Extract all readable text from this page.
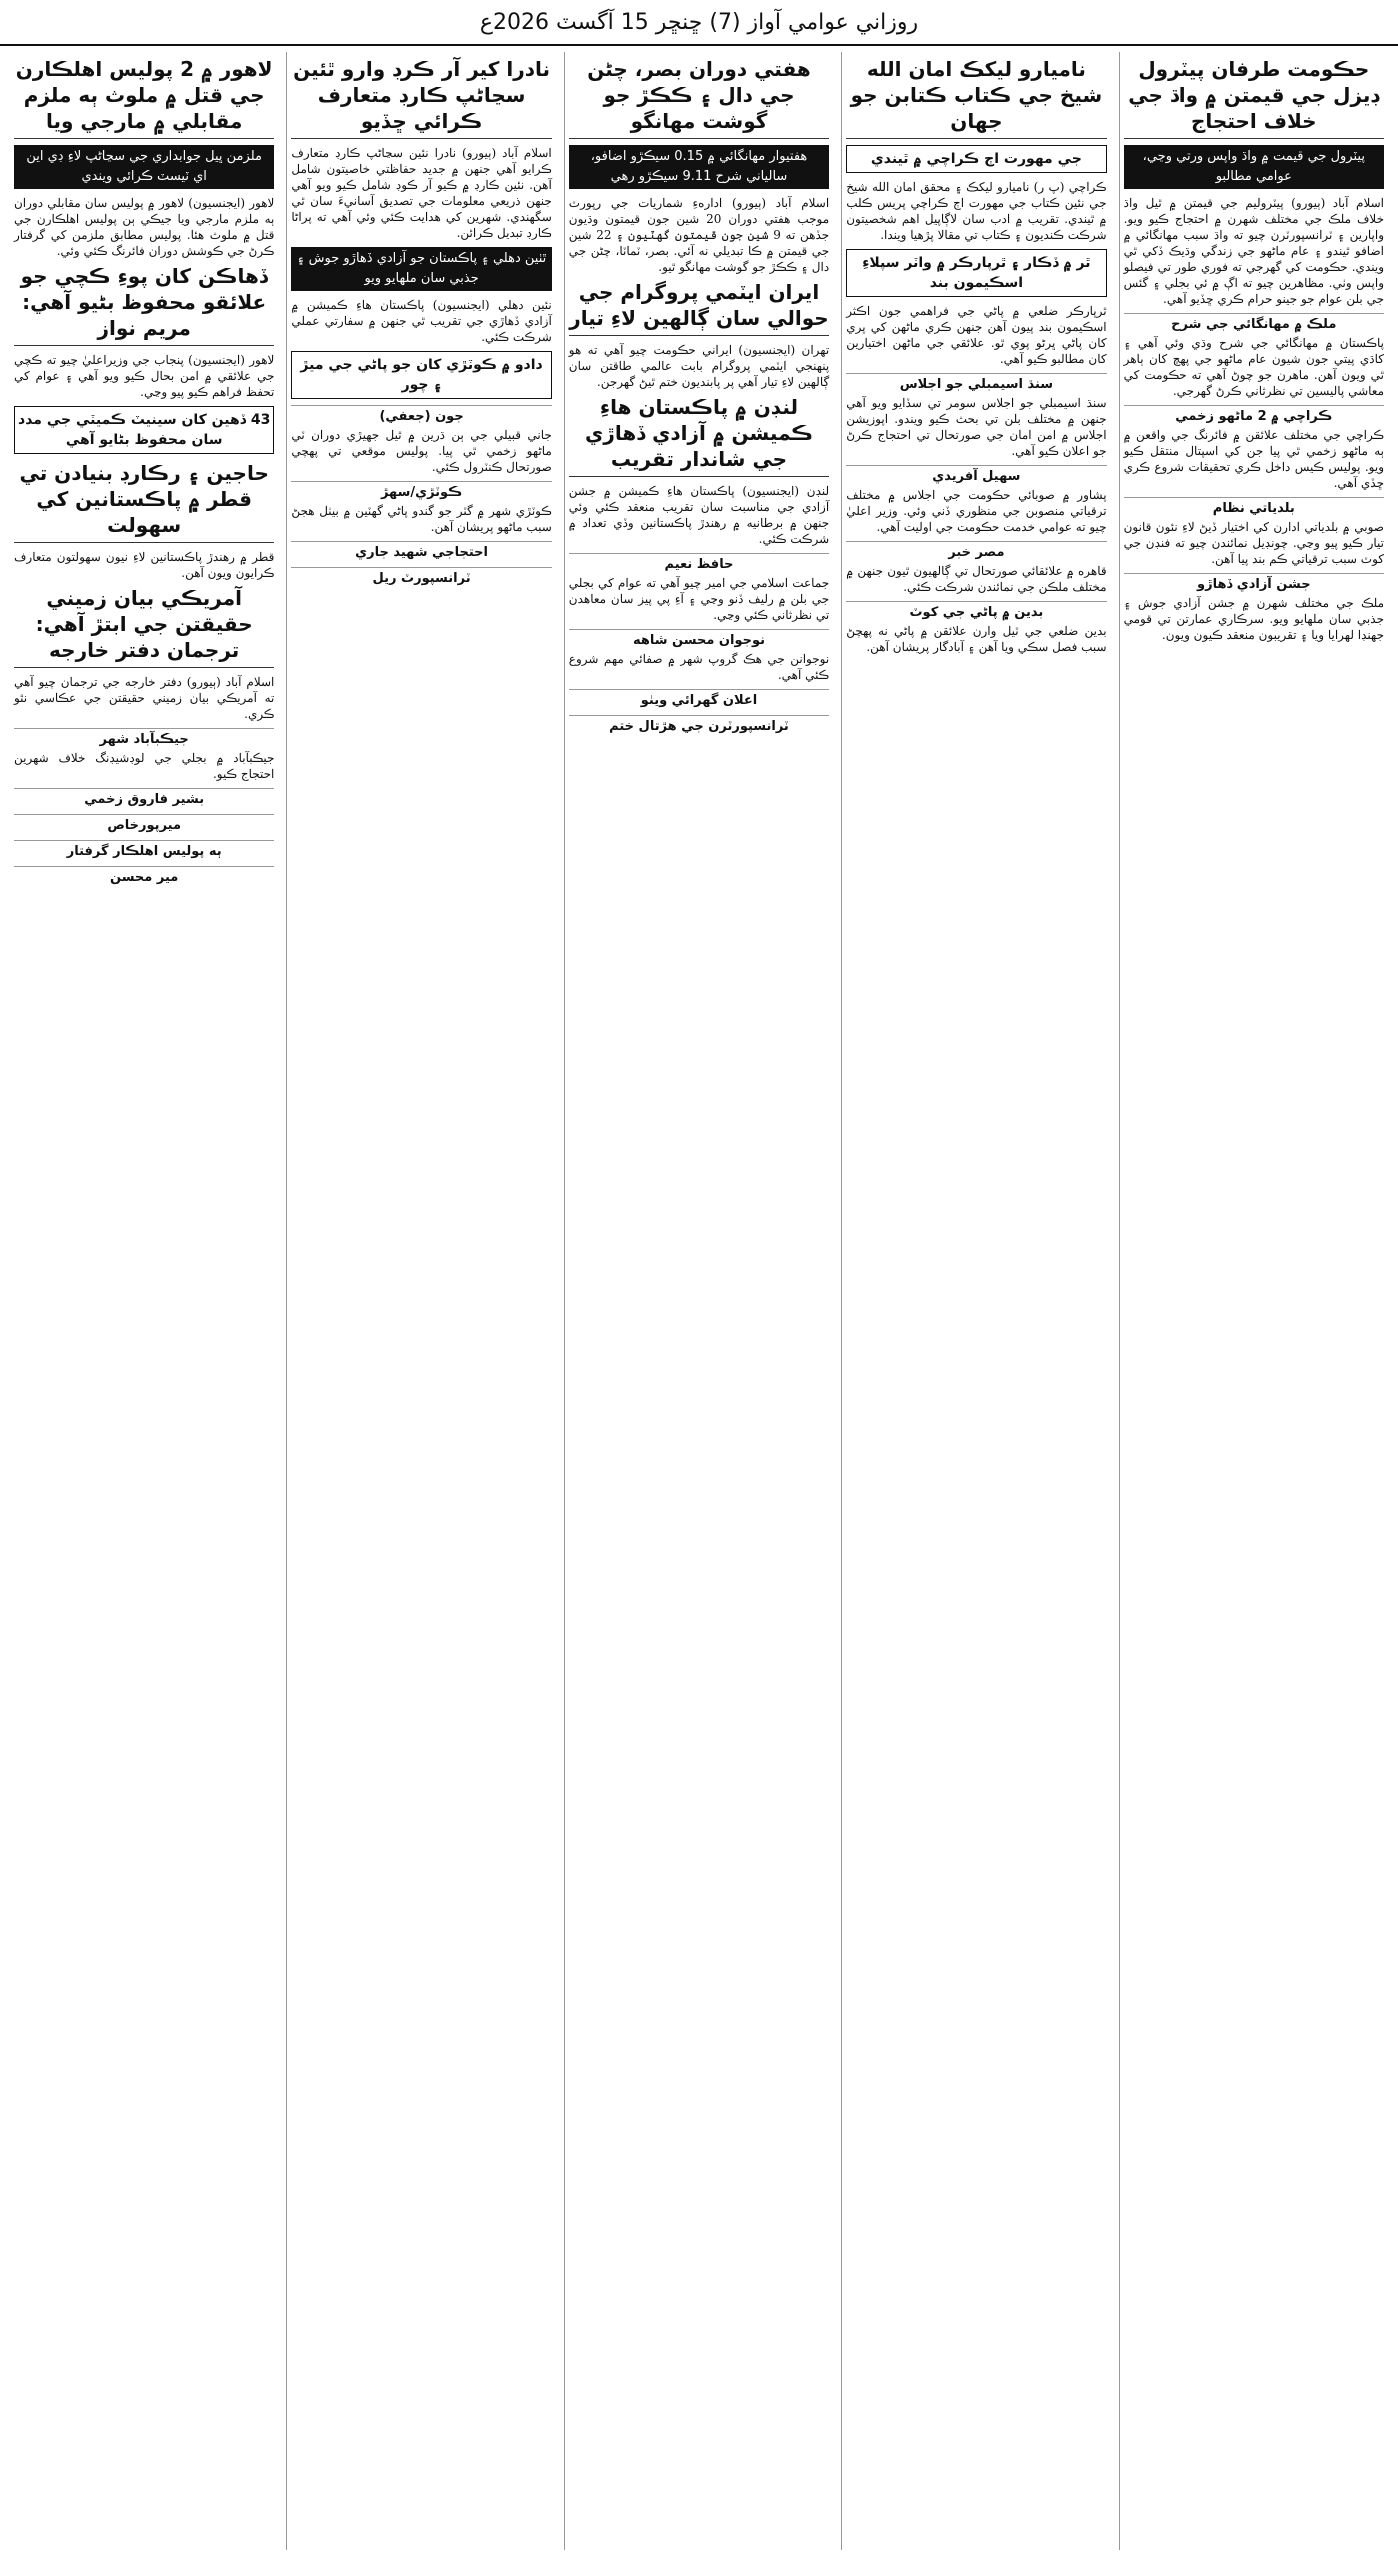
روزاني عوامي آواز (7) ڇنڇر 15 آگسٽ 2026ع
حڪومت طرفان پيٽرول ڊيزل جي قيمتن ۾ واڌ جي خلاف احتجاج
پيٽرول جي قيمت ۾ واڌ واپس ورتي وڃي، عوامي مطالبو

اسلام آباد (ٻيورو) پيٽروليم جي قيمتن ۾ ٿيل واڌ خلاف ملڪ جي مختلف شهرن ۾ احتجاج ڪيو ويو. واپارين ۽ ٽرانسپورٽرن چيو ته واڌ سبب مهانگائي ۾ اضافو ٿيندو ۽ عام ماڻهو جي زندگي وڌيڪ ڏکي ٿي ويندي. حڪومت کي گهرجي ته فوري طور تي فيصلو واپس وٺي. مظاهرين چيو ته اڳ ۾ ئي بجلي ۽ گئس جي بلن عوام جو جينو حرام ڪري ڇڏيو آهي.

ملڪ ۾ مهانگائي جي شرح

پاڪستان ۾ مهانگائي جي شرح وڌي وئي آهي ۽ کاڌي پيتي جون شيون عام ماڻهو جي پهچ کان ٻاهر ٿي ويون آهن. ماهرن جو چوڻ آهي ته حڪومت کي معاشي پاليسين تي نظرثاني ڪرڻ گهرجي.

ڪراچي ۾ 2 ماڻهو زخمي

ڪراچي جي مختلف علائقن ۾ فائرنگ جي واقعن ۾ ٻه ماڻهو زخمي ٿي پيا جن کي اسپتال منتقل ڪيو ويو. پوليس ڪيس داخل ڪري تحقيقات شروع ڪري ڇڏي آهي.

بلدياتي نظام

صوبي ۾ بلدياتي ادارن کي اختيار ڏيڻ لاءِ نئون قانون تيار ڪيو پيو وڃي. چونڊيل نمائندن چيو ته فنڊن جي کوٽ سبب ترقياتي ڪم بند پيا آهن.

جشن آزادي ڏهاڙو

ملڪ جي مختلف شهرن ۾ جشن آزادي جوش ۽ جذبي سان ملهايو ويو. سرڪاري عمارتن تي قومي جهنڊا لهرايا ويا ۽ تقريبون منعقد ڪيون ويون.

ناميارو ليکڪ امان الله شيخ جي ڪتاب ڪتابن جو جهان
جي مهورت اڄ ڪراچي ۾ ٿيندي

ڪراچي (پ ر) ناميارو ليکڪ ۽ محقق امان الله شيخ جي نئين ڪتاب جي مهورت اڄ ڪراچي پريس ڪلب ۾ ٿيندي. تقريب ۾ ادب سان لاڳاپيل اهم شخصيتون شرڪت ڪنديون ۽ ڪتاب تي مقالا پڙهيا ويندا.

ٿر ۾ ڏڪار ۽ ٿرپارڪر ۾ واٽر سپلاءِ اسڪيمون بند

ٿرپارڪر ضلعي ۾ پاڻي جي فراهمي جون اڪثر اسڪيمون بند پيون آهن جنهن ڪري ماڻهن کي پري کان پاڻي ڀرڻو پوي ٿو. علائقي جي ماڻهن اختيارين کان مطالبو ڪيو آهي.

سنڌ اسيمبلي جو اجلاس

سنڌ اسيمبلي جو اجلاس سومر تي سڏايو ويو آهي جنهن ۾ مختلف بلن تي بحث ڪيو ويندو. اپوزيشن اجلاس ۾ امن امان جي صورتحال تي احتجاج ڪرڻ جو اعلان ڪيو آهي.

سهيل آفريدي

پشاور ۾ صوبائي حڪومت جي اجلاس ۾ مختلف ترقياتي منصوبن جي منظوري ڏني وئي. وزير اعليٰ چيو ته عوامي خدمت حڪومت جي اوليت آهي.

مصر خبر

قاهره ۾ علائقائي صورتحال تي ڳالهيون ٿيون جنهن ۾ مختلف ملڪن جي نمائندن شرڪت ڪئي.

بدين ۾ پاڻي جي کوٽ

بدين ضلعي جي ٽيل وارن علائقن ۾ پاڻي نه پهچڻ سبب فصل سڪي ويا آهن ۽ آبادگار پريشان آهن.

هفتي دوران بصر، چڻن جي دال ۽ ڪڪڙ جو گوشت مهانگو
هفتيوار مهانگائي ۾ 0.15 سيڪڙو اضافو، سالياني شرح 9.11 سيڪڙو رهي

اسلام آباد (ٻيورو) ادارهءِ شماريات جي رپورٽ موجب هفتي دوران 20 شين جون قيمتون وڌيون جڏهن ته 9 شين جون قيمتون گهٽيون ۽ 22 شين جي قيمتن ۾ ڪا تبديلي نه آئي. بصر، ٽماٽا، چڻن جي دال ۽ ڪڪڙ جو گوشت مهانگو ٿيو.

ايران ايٽمي پروگرام جي حوالي سان ڳالهين لاءِ تيار

تهران (ايجنسيون) ايراني حڪومت چيو آهي ته هو پنهنجي ايٽمي پروگرام بابت عالمي طاقتن سان ڳالهين لاءِ تيار آهي پر پابنديون ختم ٿيڻ گهرجن.

لنڊن ۾ پاڪستان هاءِ ڪميشن ۾ آزادي ڏهاڙي جي شاندار تقريب

لنڊن (ايجنسيون) پاڪستان هاءِ ڪميشن ۾ جشن آزادي جي مناسبت سان تقريب منعقد ڪئي وئي جنهن ۾ برطانيه ۾ رهندڙ پاڪستانين وڏي تعداد ۾ شرڪت ڪئي.

حافظ نعيم

جماعت اسلامي جي امير چيو آهي ته عوام کي بجلي جي بلن ۾ رليف ڏنو وڃي ۽ آءِ پي پيز سان معاهدن تي نظرثاني ڪئي وڃي.

نوجوان محسن شاهه

نوجوانن جي هڪ گروپ شهر ۾ صفائي مهم شروع ڪئي آهي.

اعلان گهرائي ويٺو
ٽرانسپورٽرن جي هڙتال ختم
نادرا کير آر ڪرڊ وارو ٿئين سڃاڻپ ڪارڊ متعارف ڪرائي ڇڏيو

اسلام آباد (ٻيورو) نادرا نئين سڃاڻپ ڪارڊ متعارف ڪرايو آهي جنهن ۾ جديد حفاظتي خاصيتون شامل آهن. نئين ڪارڊ ۾ ڪيو آر ڪوڊ شامل ڪيو ويو آهي جنهن ذريعي معلومات جي تصديق آسانيءَ سان ٿي سگهندي. شهرين کي هدايت ڪئي وئي آهي ته پراڻا ڪارڊ تبديل ڪرائن.

ٿٺين دهلي ۽ پاڪستان جو آزادي ڏهاڙو جوش ۽ جذبي سان ملهايو ويو

نئين دهلي (ايجنسيون) پاڪستان هاءِ ڪميشن ۾ آزادي ڏهاڙي جي تقريب ٿي جنهن ۾ سفارتي عملي شرڪت ڪئي.

دادو ۾ ڪوٽڙي کان جو پاڻي جي ميڙ ۽ چور
جون (جعفي)

جاني قبيلي جي ٻن ڌرين ۾ ٿيل جهيڙي دوران ٽي ماڻهو زخمي ٿي پيا. پوليس موقعي تي پهچي صورتحال ڪنٽرول ڪئي.

ڪوٽڙي/سهڙ

ڪوٽڙي شهر ۾ گٽر جو گندو پاڻي گهٽين ۾ بيٺل هجڻ سبب ماڻهو پريشان آهن.

احتجاجي شهيد جاري
ٽرانسپورٽ ريل
لاهور ۾ 2 پوليس اهلڪارن جي قتل ۾ ملوث ٻه ملزم مقابلي ۾ مارجي ويا
ملزمن ڀيل جوابداري جي سڃاڻپ لاءِ ڊي اين اي ٽيسٽ ڪرائي ويندي

لاهور (ايجنسيون) لاهور ۾ پوليس سان مقابلي دوران ٻه ملزم مارجي ويا جيڪي ٻن پوليس اهلڪارن جي قتل ۾ ملوث هئا. پوليس مطابق ملزمن کي گرفتار ڪرڻ جي ڪوشش دوران فائرنگ ڪئي وئي.

ڏهاڪن کان پوءِ ڪچي جو علائقو محفوظ بڻيو آهي: مريم نواز

لاهور (ايجنسيون) پنجاب جي وزيراعليٰ چيو ته ڪچي جي علائقي ۾ امن بحال ڪيو ويو آهي ۽ عوام کي تحفظ فراهم ڪيو پيو وڃي.

43 ڏهين کان سينيٽ ڪميٽي جي مدد سان محفوظ بڻايو آهي
حاجين ۽ رڪارڊ بنيادن تي قطر ۾ پاڪستانين کي سهولت

قطر ۾ رهندڙ پاڪستانين لاءِ نيون سهولتون متعارف ڪرايون ويون آهن.

آمريڪي بيان زميني حقيقتن جي ابتڙ آهي: ترجمان دفتر خارجه

اسلام آباد (ٻيورو) دفتر خارجه جي ترجمان چيو آهي ته آمريڪي بيان زميني حقيقتن جي عڪاسي نٿو ڪري.

جيڪبآباد شهر

جيڪبآباد ۾ بجلي جي لوڊشيڊنگ خلاف شهرين احتجاج ڪيو.

بشير فاروق زخمي
ميرپورخاص
ٻه پوليس اهلڪار گرفتار
مير محسن
